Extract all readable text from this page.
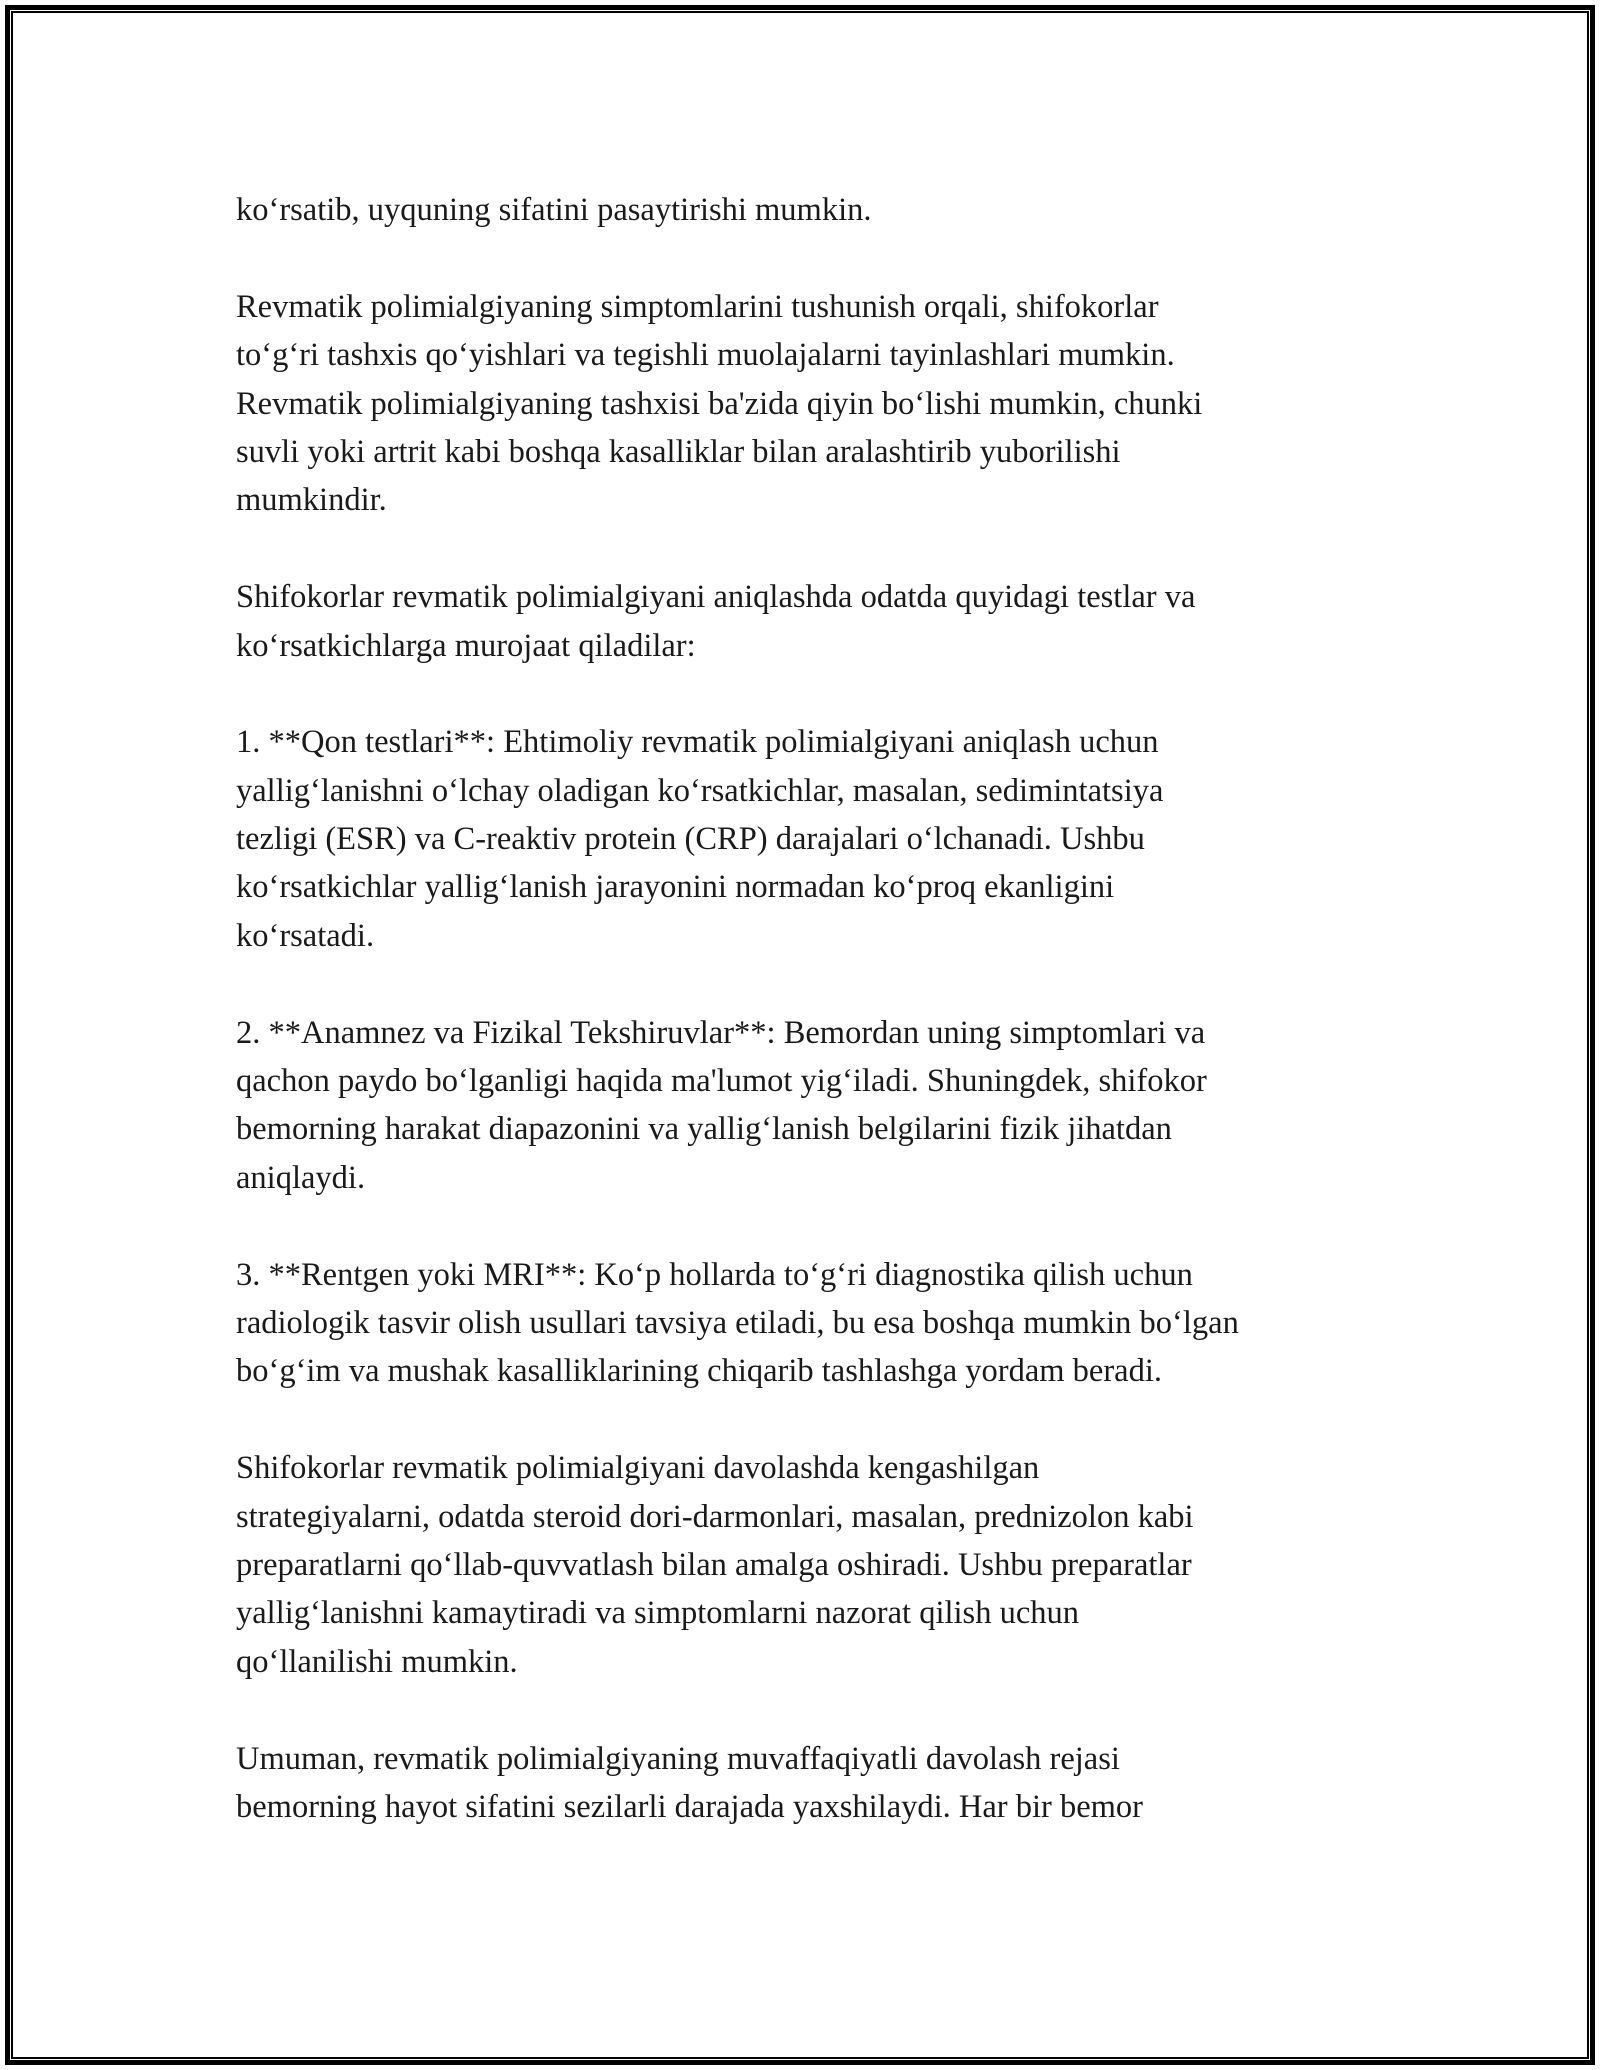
ko‘rsatib, uyquning sifatini pasaytirishi mumkin.

Revmatik polimialgiyaning simptomlarini tushunish orqali, shifokorlar
to‘g‘ri tashxis qo‘yishlari va tegishli muolajalarni tayinlashlari mumkin.
Revmatik polimialgiyaning tashxisi ba'zida qiyin bo‘lishi mumkin, chunki
suvli yoki artrit kabi boshqa kasalliklar bilan aralashtirib yuborilishi
mumkindir.

Shifokorlar revmatik polimialgiyani aniqlashda odatda quyidagi testlar va
ko‘rsatkichlarga murojaat qiladilar:

1. **Qon testlari**: Ehtimoliy revmatik polimialgiyani aniqlash uchun
yallig‘lanishni o‘lchay oladigan ko‘rsatkichlar, masalan, sedimintatsiya
tezligi (ESR) va C-reaktiv protein (CRP) darajalari o‘lchanadi. Ushbu
ko‘rsatkichlar yallig‘lanish jarayonini normadan ko‘proq ekanligini
ko‘rsatadi.

2. **Anamnez va Fizikal Tekshiruvlar**: Bemordan uning simptomlari va
qachon paydo bo‘lganligi haqida ma'lumot yig‘iladi. Shuningdek, shifokor
bemorning harakat diapazonini va yallig‘lanish belgilarini fizik jihatdan
aniqlaydi.

3. **Rentgen yoki MRI**: Ko‘p hollarda to‘g‘ri diagnostika qilish uchun
radiologik tasvir olish usullari tavsiya etiladi, bu esa boshqa mumkin bo‘lgan
bo‘g‘im va mushak kasalliklarining chiqarib tashlashga yordam beradi.

Shifokorlar revmatik polimialgiyani davolashda kengashilgan
strategiyalarni, odatda steroid dori-darmonlari, masalan, prednizolon kabi
preparatlarni qo‘llab-quvvatlash bilan amalga oshiradi. Ushbu preparatlar
yallig‘lanishni kamaytiradi va simptomlarni nazorat qilish uchun
qo‘llanilishi mumkin.

Umuman, revmatik polimialgiyaning muvaffaqiyatli davolash rejasi
bemorning hayot sifatini sezilarli darajada yaxshilaydi. Har bir bemor
